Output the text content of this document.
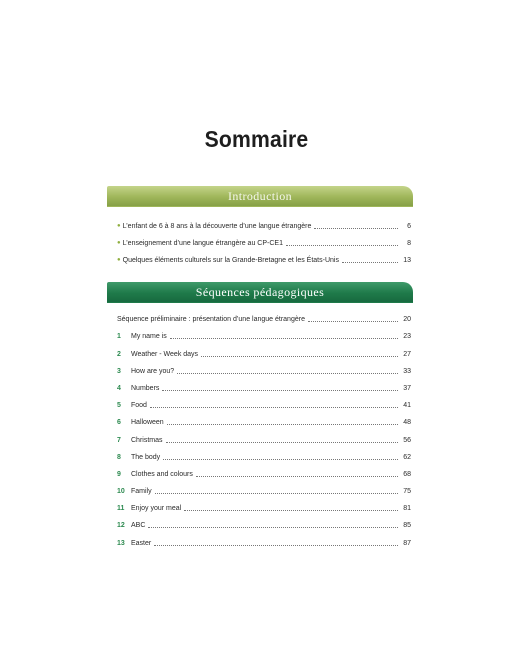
Sommaire
Introduction
● L’enfant de 6 à 8 ans à la découverte d’une langue étrangère	6
● L’enseignement d’une langue étrangère au CP-CE1	8
● Quelques éléments culturels sur la Grande-Bretagne et les États-Unis	13
Séquences pédagogiques
Séquence préliminaire : présentation d’une langue étrangère	20
1	My name is	23
2	Weather - Week days	27
3	How are you?	33
4	Numbers	37
5	Food	41
6	Halloween	48
7	Christmas	56
8	The body	62
9	Clothes and colours	68
10 Family	75
11 Enjoy your meal	81
12 ABC	85
13 Easter	87
